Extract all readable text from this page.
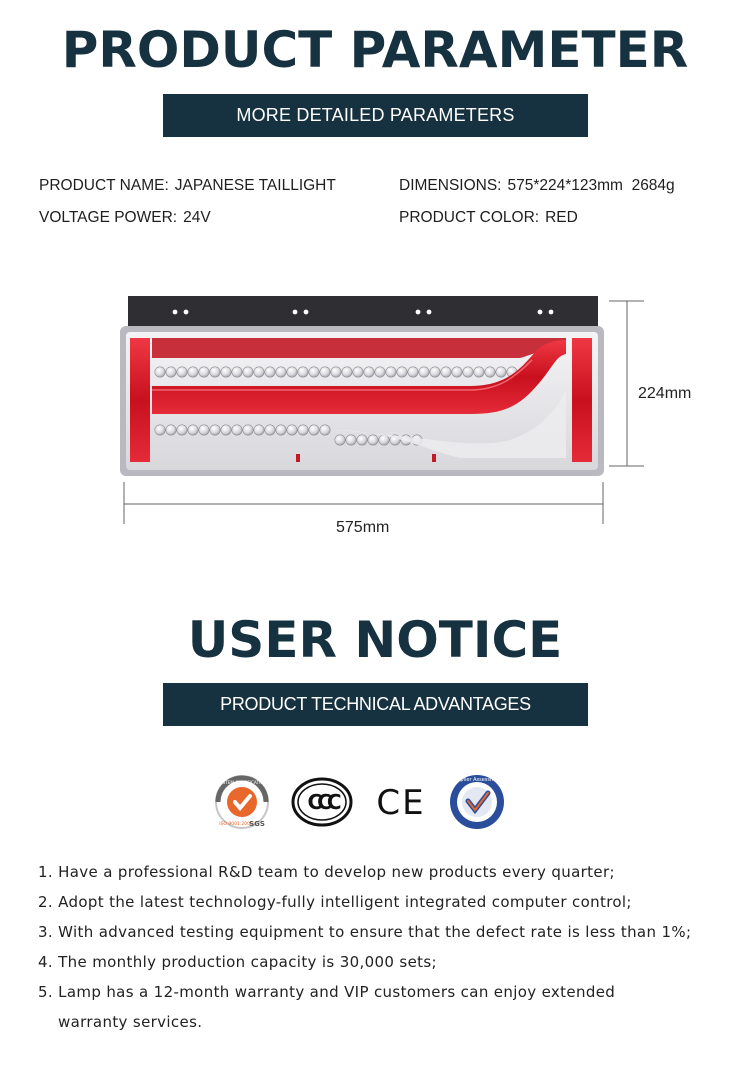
PRODUCT PARAMETER
MORE DETAILED PARAMETERS
PRODUCT NAME: JAPANESE TAILLIGHT	DIMENSIONS: 575*224*123mm  2684g
VOLTAGE POWER: 24V	PRODUCT COLOR: RED
575mm
224mm
USER NOTICE
PRODUCT TECHNICAL ADVANTAGES
SYSTEM CERTIFICATION
ISO 9001:2000
SGS
CCC CE
Supplier Assessment
1. Have a professional R&D team to develop new products every quarter;
2. Adopt the latest technology-fully intelligent integrated computer control;
3. With advanced testing equipment to ensure that the defect rate is less than 1%;
4. The monthly production capacity is 30,000 sets;
5. Lamp has a 12-month warranty and VIP customers can enjoy extended
warranty services.
